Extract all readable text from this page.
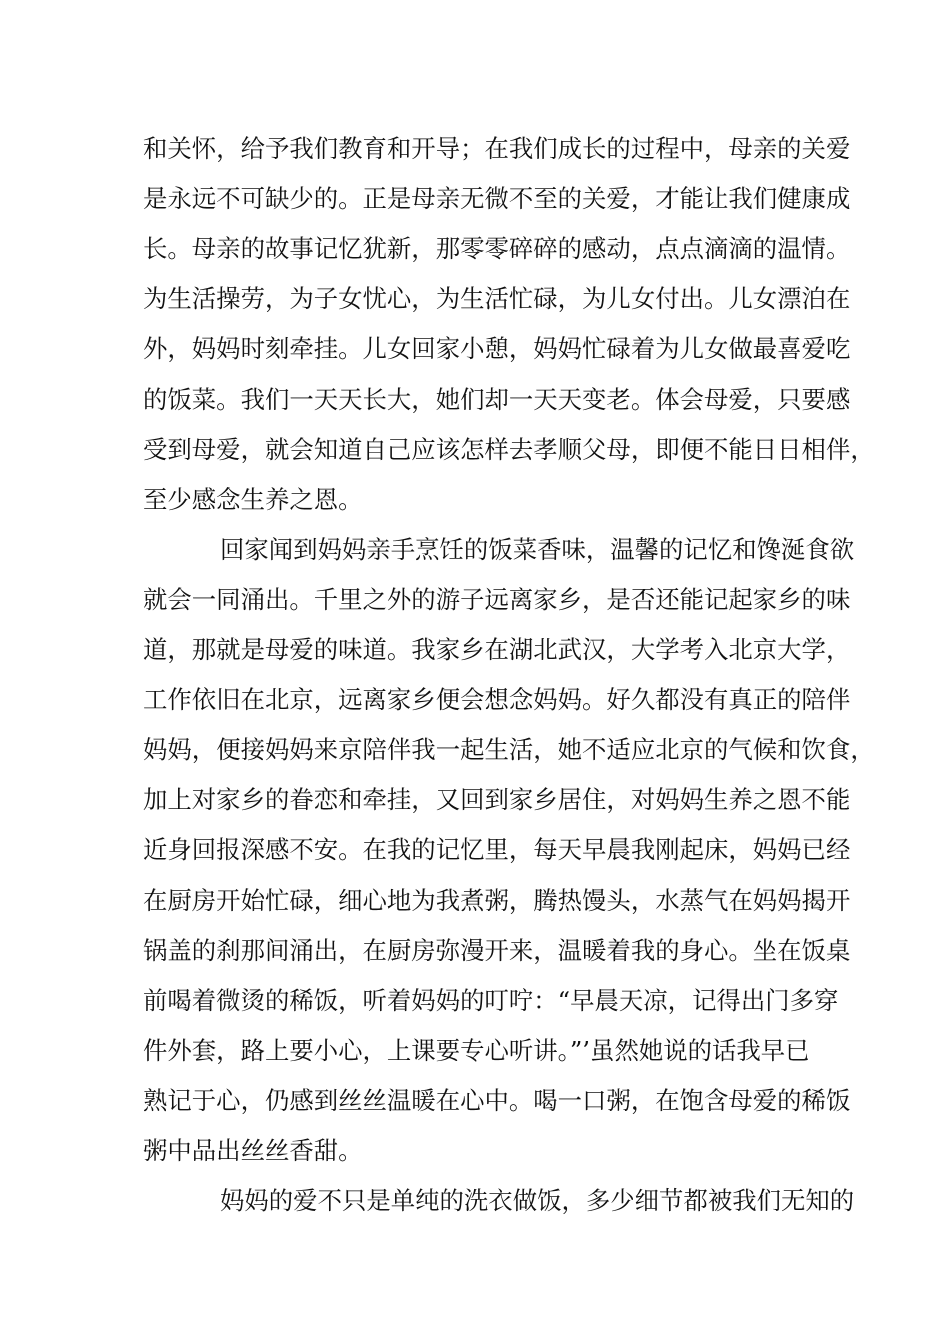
和关怀，给予我们教育和开导；在我们成长的过程中，母亲的关爱

是永远不可缺少的。正是母亲无微不至的关爱，才能让我们健康成

长。母亲的故事记忆犹新，那零零碎碎的感动，点点滴滴的温情。

为生活操劳，为子女忧心，为生活忙碌，为儿女付出。儿女漂泊在

外，妈妈时刻牵挂。儿女回家小憩，妈妈忙碌着为儿女做最喜爱吃

的饭菜。我们一天天长大，她们却一天天变老。体会母爱，只要感

受到母爱，就会知道自己应该怎样去孝顺父母，即便不能日日相伴，

至少感念生养之恩。

回家闻到妈妈亲手烹饪的饭菜香味，温馨的记忆和馋涎食欲

就会一同涌出。千里之外的游子远离家乡，是否还能记起家乡的味

道，那就是母爱的味道。我家乡在湖北武汉，大学考入北京大学，

工作依旧在北京，远离家乡便会想念妈妈。好久都没有真正的陪伴

妈妈，便接妈妈来京陪伴我一起生活，她不适应北京的气候和饮食，

加上对家乡的眷恋和牵挂，又回到家乡居住，对妈妈生养之恩不能

近身回报深感不安。在我的记忆里，每天早晨我刚起床，妈妈已经

在厨房开始忙碌，细心地为我煮粥，腾热馒头，水蒸气在妈妈揭开

锅盖的刹那间涌出，在厨房弥漫开来，温暖着我的身心。坐在饭桌

前喝着微烫的稀饭，听着妈妈的叮咛：“早晨天凉，记得出门多穿

件外套，路上要小心，上课要专心听讲。”’虽然她说的话我早已

熟记于心，仍感到丝丝温暖在心中。喝一口粥，在饱含母爱的稀饭

粥中品出丝丝香甜。

妈妈的爱不只是单纯的洗衣做饭，多少细节都被我们无知的
